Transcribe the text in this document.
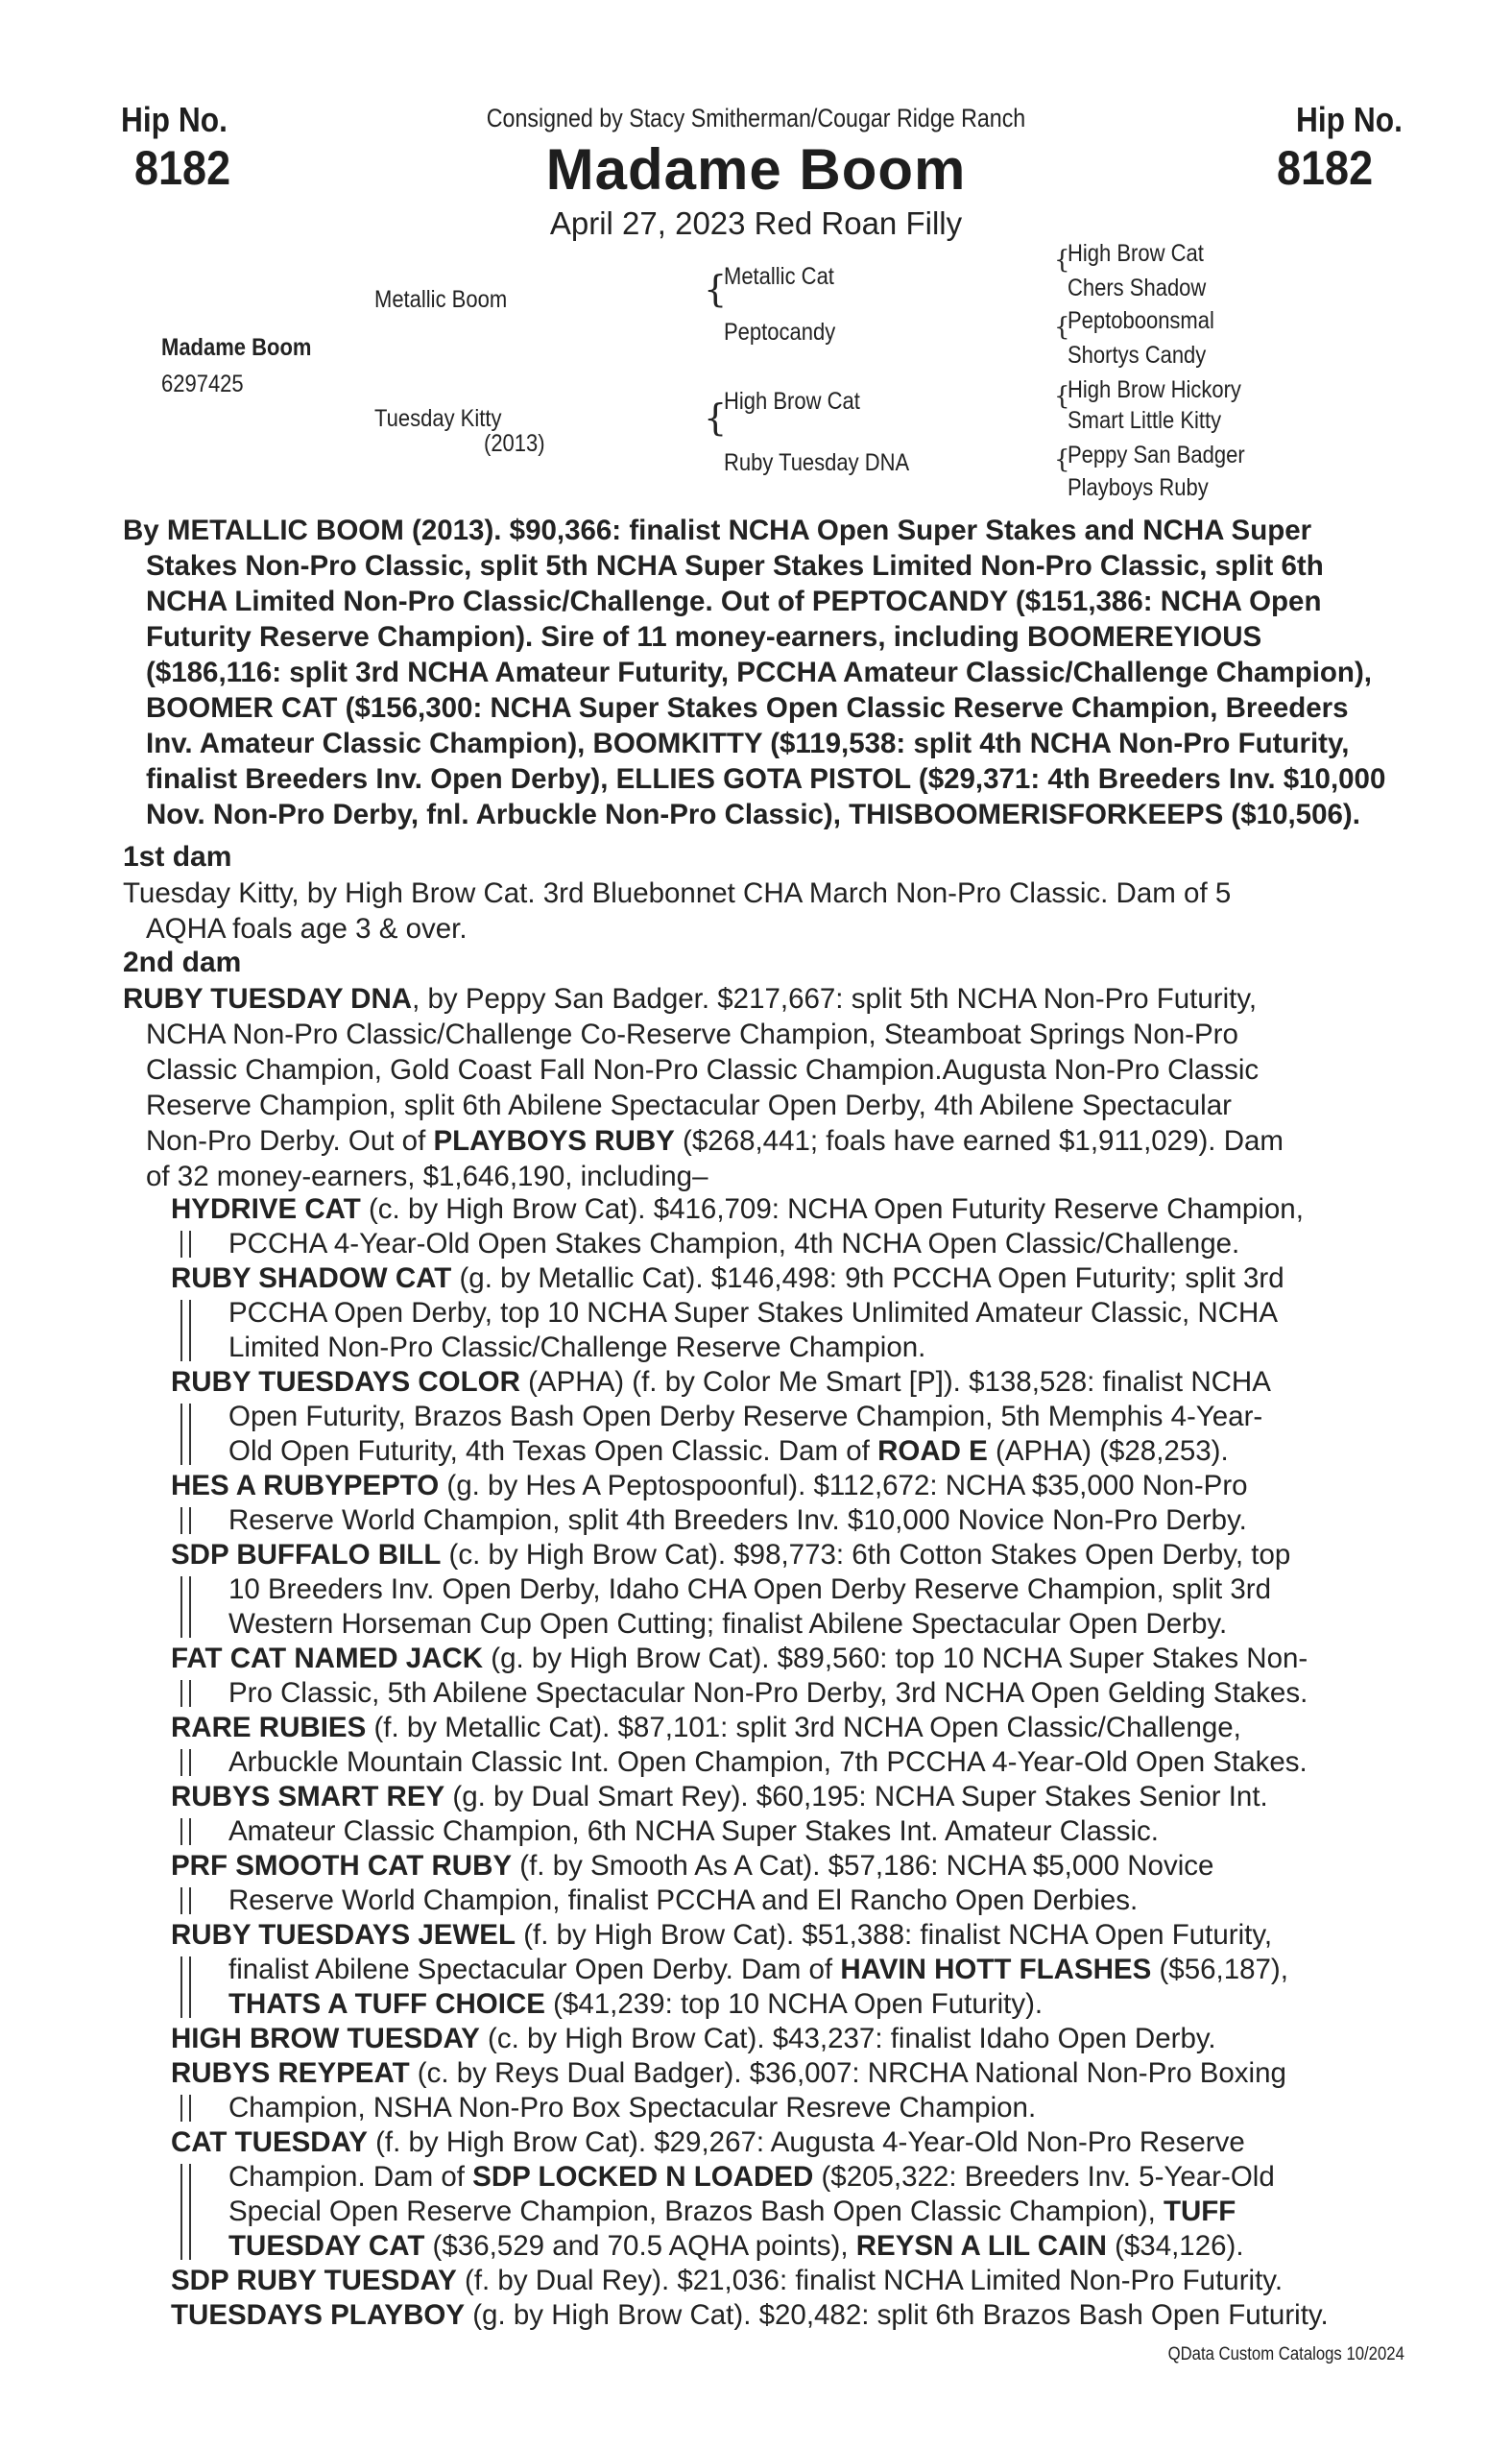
Hip No.
8182
Hip No.
8182
Consigned by Stacy Smitherman/Cougar Ridge Ranch
Madame Boom
April 27, 2023 Red Roan Filly
Madame Boom
6297425
Metallic Boom
Tuesday Kitty
(2013)
{
Metallic Cat
Peptocandy
{
High Brow Cat
Ruby Tuesday DNA
{
High Brow Cat
Chers Shadow
{
Peptoboonsmal
Shortys Candy
{
High Brow Hickory
Smart Little Kitty
{
Peppy San Badger
Playboys Ruby
By METALLIC BOOM (2013). $90,366: finalist NCHA Open Super Stakes and NCHA Super
Stakes Non-Pro Classic, split 5th NCHA Super Stakes Limited Non-Pro Classic, split 6th
NCHA Limited Non-Pro Classic/Challenge. Out of PEPTOCANDY ($151,386: NCHA Open
Futurity Reserve Champion). Sire of 11 money-earners, including BOOMEREYIOUS
($186,116: split 3rd NCHA Amateur Futurity, PCCHA Amateur Classic/Challenge Champion),
BOOMER CAT ($156,300: NCHA Super Stakes Open Classic Reserve Champion, Breeders
Inv. Amateur Classic Champion), BOOMKITTY ($119,538: split 4th NCHA Non-Pro Futurity,
finalist Breeders Inv. Open Derby), ELLIES GOTA PISTOL ($29,371: 4th Breeders Inv. $10,000
Nov. Non-Pro Derby, fnl. Arbuckle Non-Pro Classic), THISBOOMERISFORKEEPS ($10,506).
1st dam
Tuesday Kitty, by High Brow Cat. 3rd Bluebonnet CHA March Non-Pro Classic. Dam of 5
AQHA foals age 3 & over.
2nd dam
RUBY TUESDAY DNA, by Peppy San Badger. $217,667: split 5th NCHA Non-Pro Futurity,
NCHA Non-Pro Classic/Challenge Co-Reserve Champion, Steamboat Springs Non-Pro
Classic Champion, Gold Coast Fall Non-Pro Classic Champion.Augusta Non-Pro Classic
Reserve Champion, split 6th Abilene Spectacular Open Derby, 4th Abilene Spectacular
Non-Pro Derby. Out of PLAYBOYS RUBY ($268,441; foals have earned $1,911,029). Dam
of 32 money-earners, $1,646,190, including–
HYDRIVE CAT (c. by High Brow Cat). $416,709: NCHA Open Futurity Reserve Champion,
PCCHA 4-Year-Old Open Stakes Champion, 4th NCHA Open Classic/Challenge.
RUBY SHADOW CAT (g. by Metallic Cat). $146,498: 9th PCCHA Open Futurity; split 3rd
PCCHA Open Derby, top 10 NCHA Super Stakes Unlimited Amateur Classic, NCHA
Limited Non-Pro Classic/Challenge Reserve Champion.
RUBY TUESDAYS COLOR (APHA) (f. by Color Me Smart [P]). $138,528: finalist NCHA
Open Futurity, Brazos Bash Open Derby Reserve Champion, 5th Memphis 4-Year-
Old Open Futurity, 4th Texas Open Classic. Dam of ROAD E (APHA) ($28,253).
HES A RUBYPEPTO (g. by Hes A Peptospoonful). $112,672: NCHA $35,000 Non-Pro
Reserve World Champion, split 4th Breeders Inv. $10,000 Novice Non-Pro Derby.
SDP BUFFALO BILL (c. by High Brow Cat). $98,773: 6th Cotton Stakes Open Derby, top
10 Breeders Inv. Open Derby, Idaho CHA Open Derby Reserve Champion, split 3rd
Western Horseman Cup Open Cutting; finalist Abilene Spectacular Open Derby.
FAT CAT NAMED JACK (g. by High Brow Cat). $89,560: top 10 NCHA Super Stakes Non-
Pro Classic, 5th Abilene Spectacular Non-Pro Derby, 3rd NCHA Open Gelding Stakes.
RARE RUBIES (f. by Metallic Cat). $87,101: split 3rd NCHA Open Classic/Challenge,
Arbuckle Mountain Classic Int. Open Champion, 7th PCCHA 4-Year-Old Open Stakes.
RUBYS SMART REY (g. by Dual Smart Rey). $60,195: NCHA Super Stakes Senior Int.
Amateur Classic Champion, 6th NCHA Super Stakes Int. Amateur Classic.
PRF SMOOTH CAT RUBY (f. by Smooth As A Cat). $57,186: NCHA $5,000 Novice
Reserve World Champion, finalist PCCHA and El Rancho Open Derbies.
RUBY TUESDAYS JEWEL (f. by High Brow Cat). $51,388: finalist NCHA Open Futurity,
finalist Abilene Spectacular Open Derby. Dam of HAVIN HOTT FLASHES ($56,187),
THATS A TUFF CHOICE ($41,239: top 10 NCHA Open Futurity).
HIGH BROW TUESDAY (c. by High Brow Cat). $43,237: finalist Idaho Open Derby.
RUBYS REYPEAT (c. by Reys Dual Badger). $36,007: NRCHA National Non-Pro Boxing
Champion, NSHA Non-Pro Box Spectacular Resreve Champion.
CAT TUESDAY (f. by High Brow Cat). $29,267: Augusta 4-Year-Old Non-Pro Reserve
Champion. Dam of SDP LOCKED N LOADED ($205,322: Breeders Inv. 5-Year-Old
Special Open Reserve Champion, Brazos Bash Open Classic Champion), TUFF
TUESDAY CAT ($36,529 and 70.5 AQHA points), REYSN A LIL CAIN ($34,126).
SDP RUBY TUESDAY (f. by Dual Rey). $21,036: finalist NCHA Limited Non-Pro Futurity.
TUESDAYS PLAYBOY (g. by High Brow Cat). $20,482: split 6th Brazos Bash Open Futurity.
QData Custom Catalogs 10/2024
